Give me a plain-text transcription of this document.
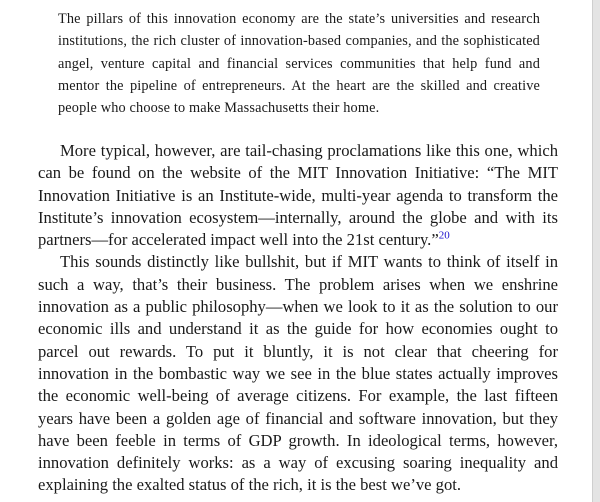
The pillars of this innovation economy are the state’s universities and research institutions, the rich cluster of innovation-based companies, and the sophisticated angel, venture capital and financial services communities that help fund and mentor the pipeline of entrepreneurs. At the heart are the skilled and creative people who choose to make Massachusetts their home.

More typical, however, are tail-chasing proclamations like this one, which can be found on the website of the MIT Innovation Initiative: “The MIT Innovation Initiative is an Institute-wide, multi-year agenda to transform the Institute’s innovation ecosystem—internally, around the globe and with its partners—for accelerated impact well into the 21st century.”$^{20}$

This sounds distinctly like bullshit, but if MIT wants to think of itself in such a way, that’s their business. The problem arises when we enshrine innovation as a public philosophy—when we look to it as the solution to our economic ills and understand it as the guide for how economies ought to parcel out rewards. To put it bluntly, it is not clear that cheering for innovation in the bombastic way we see in the blue states actually improves the economic well-being of average citizens. For example, the last fifteen years have been a golden age of financial and software innovation, but they have been feeble in terms of GDP growth. In ideological terms, however, innovation definitely works: as a way of excusing soaring inequality and explaining the exalted status of the rich, it is the best we’ve got.
